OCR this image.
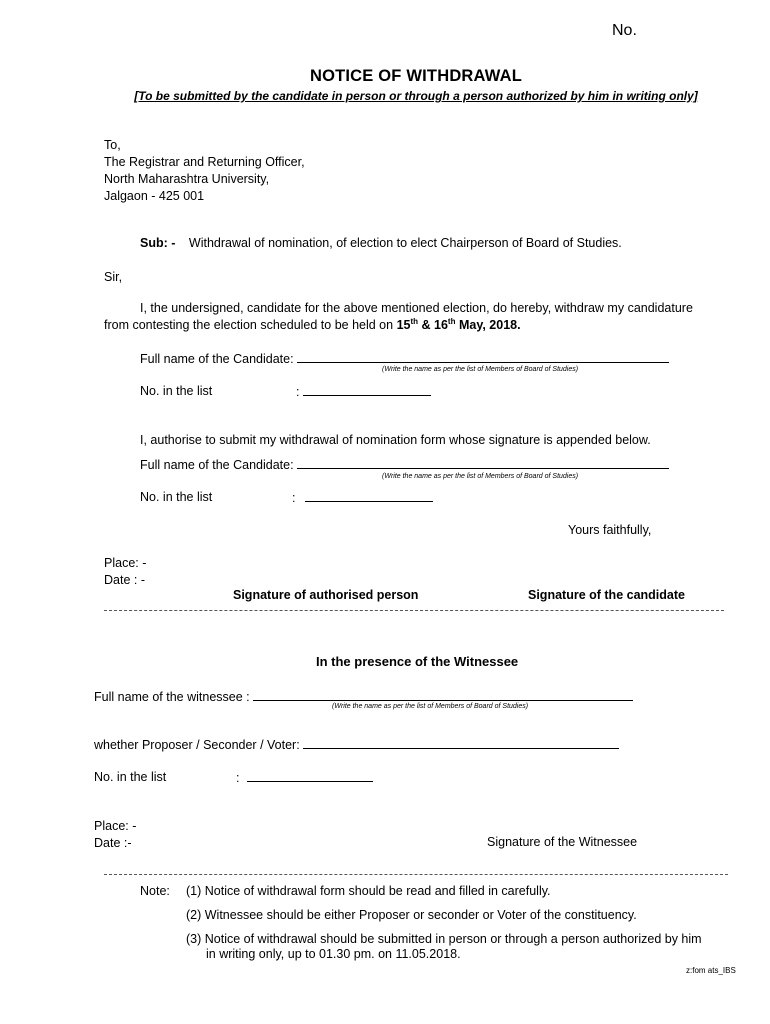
No.
NOTICE OF WITHDRAWAL
[To be submitted by the candidate in person or through a person authorized by him in writing only]
To,
The Registrar and Returning Officer,
North Maharashtra University,
Jalgaon - 425 001
Sub: - Withdrawal of nomination, of election to elect Chairperson of Board of Studies.
Sir,
I, the undersigned, candidate for the above mentioned election, do hereby, withdraw my candidature
from contesting the election scheduled to be held on 15th & 16th May, 2018.
Full name of the Candidate:
(Write the name as per the list of Members of Board of Studies)
No. in the list	:
I, authorise to submit my withdrawal of nomination form whose signature is appended below.
Full name of the Candidate:
(Write the name as per the list of Members of Board of Studies)
No. in the list	:
Yours faithfully,
Place: -
Date : -
Signature of authorised person	Signature of the candidate
In the presence of the Witnessee
Full name of the witnessee :
(Write the name as per the list of Members of Board of Studies)
whether Proposer / Seconder / Voter:
No. in the list	:
Place: -
Date :-	Signature of the Witnessee
Note: (1) Notice of withdrawal form should be read and filled in carefully.
(2) Witnessee should be either Proposer or seconder or Voter of the constituency.
(3) Notice of withdrawal should be submitted in person or through a person authorized by him
in writing only, up to 01.30 pm. on 11.05.2018.
z:fom ats_IBS
